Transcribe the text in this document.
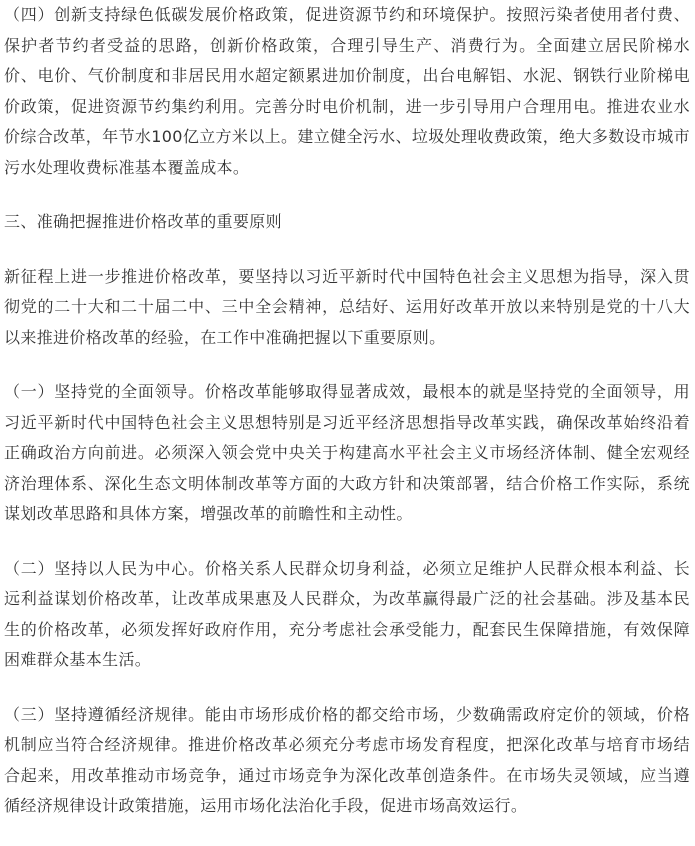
（四）创新支持绿色低碳发展价格政策，促进资源节约和环境保护。按照污染者使用者付费、保护者节约者受益的思路，创新价格政策，合理引导生产、消费行为。全面建立居民阶梯水价、电价、气价制度和非居民用水超定额累进加价制度，出台电解铝、水泥、钢铁行业阶梯电价政策，促进资源节约集约利用。完善分时电价机制，进一步引导用户合理用电。推进农业水价综合改革，年节水100亿立方米以上。建立健全污水、垃圾处理收费政策，绝大多数设市城市污水处理收费标准基本覆盖成本。

三、准确把握推进价格改革的重要原则

新征程上进一步推进价格改革，要坚持以习近平新时代中国特色社会主义思想为指导，深入贯彻党的二十大和二十届二中、三中全会精神，总结好、运用好改革开放以来特别是党的十八大以来推进价格改革的经验，在工作中准确把握以下重要原则。

（一）坚持党的全面领导。价格改革能够取得显著成效，最根本的就是坚持党的全面领导，用习近平新时代中国特色社会主义思想特别是习近平经济思想指导改革实践，确保改革始终沿着正确政治方向前进。必须深入领会党中央关于构建高水平社会主义市场经济体制、健全宏观经济治理体系、深化生态文明体制改革等方面的大政方针和决策部署，结合价格工作实际，系统谋划改革思路和具体方案，增强改革的前瞻性和主动性。

（二）坚持以人民为中心。价格关系人民群众切身利益，必须立足维护人民群众根本利益、长远利益谋划价格改革，让改革成果惠及人民群众，为改革赢得最广泛的社会基础。涉及基本民生的价格改革，必须发挥好政府作用，充分考虑社会承受能力，配套民生保障措施，有效保障困难群众基本生活。

（三）坚持遵循经济规律。能由市场形成价格的都交给市场，少数确需政府定价的领域，价格机制应当符合经济规律。推进价格改革必须充分考虑市场发育程度，把深化改革与培育市场结合起来，用改革推动市场竞争，通过市场竞争为深化改革创造条件。在市场失灵领域，应当遵循经济规律设计政策措施，运用市场化法治化手段，促进市场高效运行。
